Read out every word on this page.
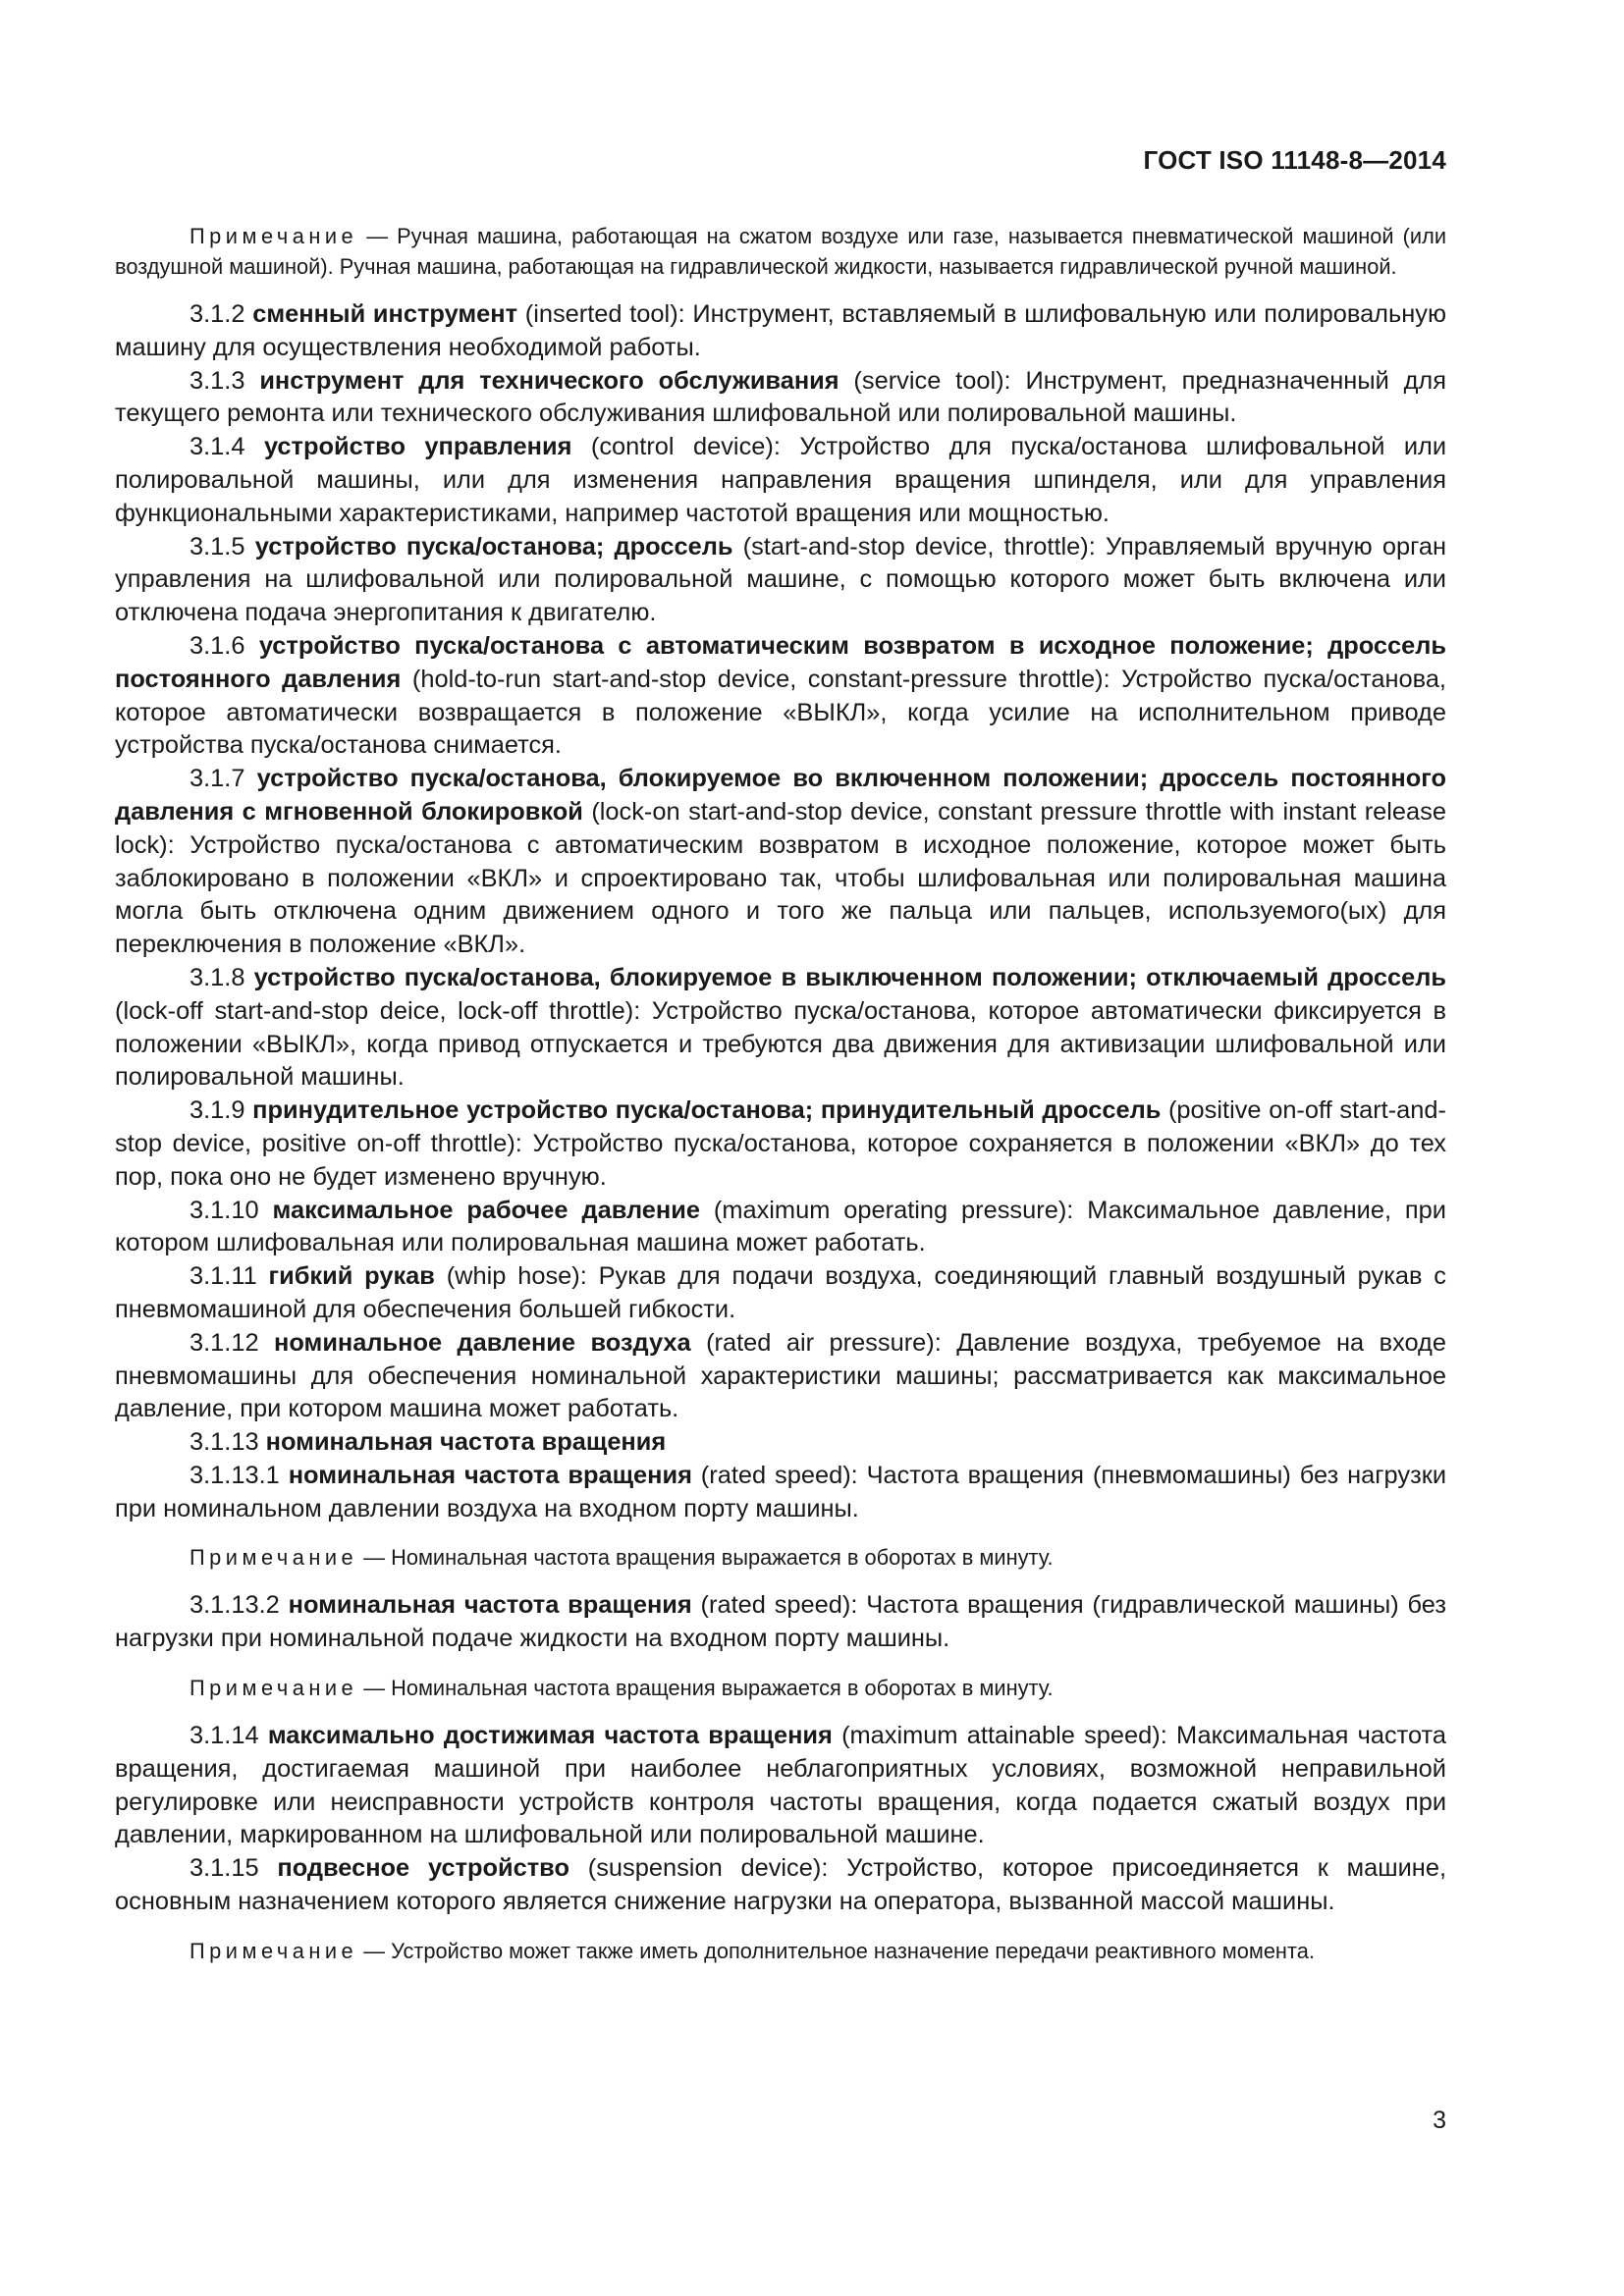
ГОСТ ISO 11148-8—2014

Примечание — Ручная машина, работающая на сжатом воздухе или газе, называется пневматической машиной (или воздушной машиной). Ручная машина, работающая на гидравлической жидкости, называется гидравлической ручной машиной.

3.1.2 сменный инструмент (inserted tool): Инструмент, вставляемый в шлифовальную или полировальную машину для осуществления необходимой работы.

3.1.3 инструмент для технического обслуживания (service tool): Инструмент, предназначенный для текущего ремонта или технического обслуживания шлифовальной или полировальной машины.

3.1.4 устройство управления (control device): Устройство для пуска/останова шлифовальной или полировальной машины, или для изменения направления вращения шпинделя, или для управления функциональными характеристиками, например частотой вращения или мощностью.

3.1.5 устройство пуска/останова; дроссель (start-and-stop device, throttle): Управляемый вручную орган управления на шлифовальной или полировальной машине, с помощью которого может быть включена или отключена подача энергопитания к двигателю.

3.1.6 устройство пуска/останова с автоматическим возвратом в исходное положение; дроссель постоянного давления (hold-to-run start-and-stop device, constant-pressure throttle): Устройство пуска/останова, которое автоматически возвращается в положение «ВЫКЛ», когда усилие на исполнительном приводе устройства пуска/останова снимается.

3.1.7 устройство пуска/останова, блокируемое во включенном положении; дроссель постоянного давления с мгновенной блокировкой (lock-on start-and-stop device, constant pressure throttle with instant release lock): Устройство пуска/останова с автоматическим возвратом в исходное положение, которое может быть заблокировано в положении «ВКЛ» и спроектировано так, чтобы шлифовальная или полировальная машина могла быть отключена одним движением одного и того же пальца или пальцев, используемого(ых) для переключения в положение «ВКЛ».

3.1.8 устройство пуска/останова, блокируемое в выключенном положении; отключаемый дроссель (lock-off start-and-stop deice, lock-off throttle): Устройство пуска/останова, которое автоматически фиксируется в положении «ВЫКЛ», когда привод отпускается и требуются два движения для активизации шлифовальной или полировальной машины.

3.1.9 принудительное устройство пуска/останова; принудительный дроссель (positive on-off start-and-stop device, positive on-off throttle): Устройство пуска/останова, которое сохраняется в положении «ВКЛ» до тех пор, пока оно не будет изменено вручную.

3.1.10 максимальное рабочее давление (maximum operating pressure): Максимальное давление, при котором шлифовальная или полировальная машина может работать.

3.1.11 гибкий рукав (whip hose): Рукав для подачи воздуха, соединяющий главный воздушный рукав с пневмомашиной для обеспечения большей гибкости.

3.1.12 номинальное давление воздуха (rated air pressure): Давление воздуха, требуемое на входе пневмомашины для обеспечения номинальной характеристики машины; рассматривается как максимальное давление, при котором машина может работать.

3.1.13 номинальная частота вращения

3.1.13.1 номинальная частота вращения (rated speed): Частота вращения (пневмомашины) без нагрузки при номинальном давлении воздуха на входном порту машины.

Примечание — Номинальная частота вращения выражается в оборотах в минуту.

3.1.13.2 номинальная частота вращения (rated speed): Частота вращения (гидравлической машины) без нагрузки при номинальной подаче жидкости на входном порту машины.

Примечание — Номинальная частота вращения выражается в оборотах в минуту.

3.1.14 максимально достижимая частота вращения (maximum attainable speed): Максимальная частота вращения, достигаемая машиной при наиболее неблагоприятных условиях, возможной неправильной регулировке или неисправности устройств контроля частоты вращения, когда подается сжатый воздух при давлении, маркированном на шлифовальной или полировальной машине.

3.1.15 подвесное устройство (suspension device): Устройство, которое присоединяется к машине, основным назначением которого является снижение нагрузки на оператора, вызванной массой машины.

Примечание — Устройство может также иметь дополнительное назначение передачи реактивного момента.

3
